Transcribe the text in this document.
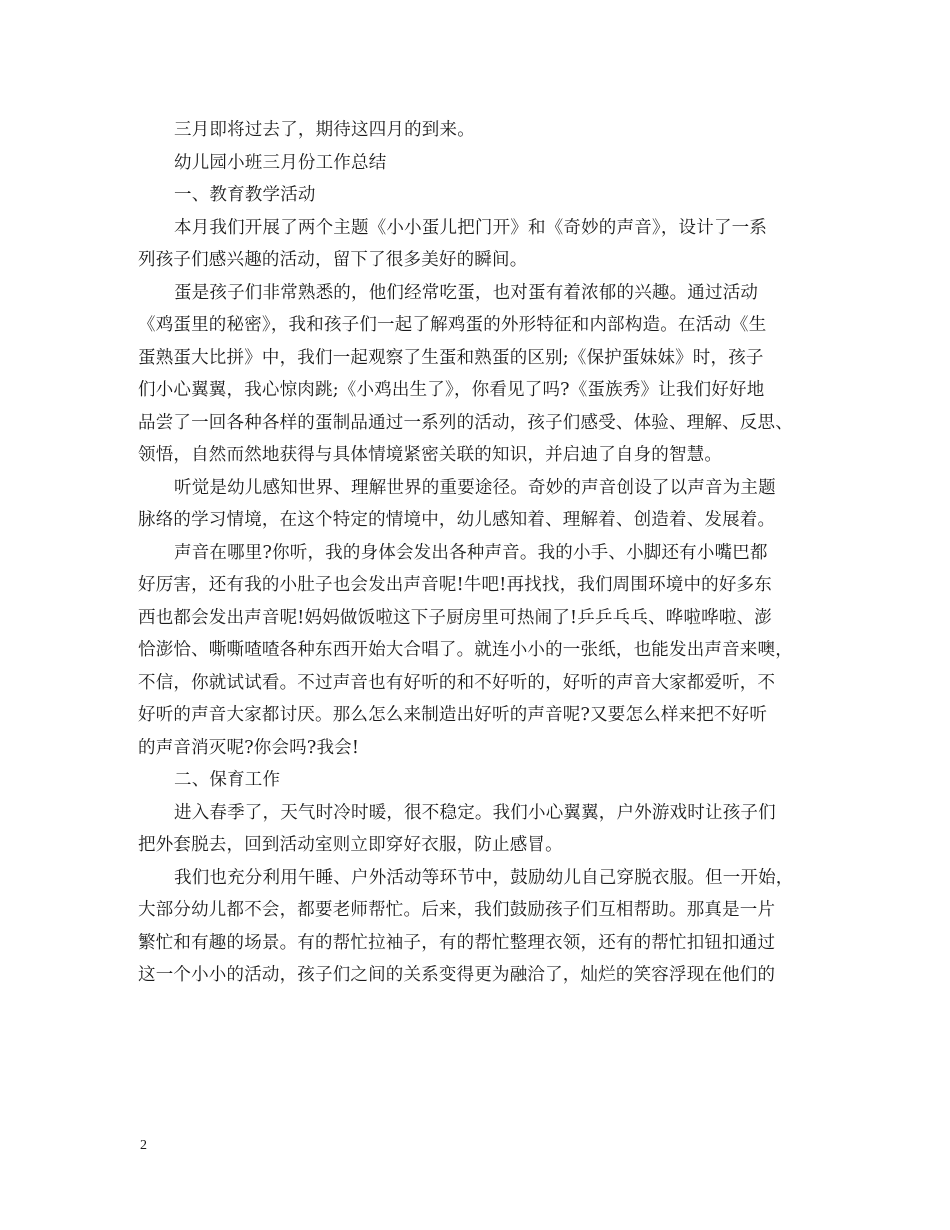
三月即将过去了，期待这四月的到来。
幼儿园小班三月份工作总结
一、教育教学活动
本月我们开展了两个主题《小小蛋儿把门开》和《奇妙的声音》，设计了一系
列孩子们感兴趣的活动，留下了很多美好的瞬间。
蛋是孩子们非常熟悉的，他们经常吃蛋，也对蛋有着浓郁的兴趣。通过活动
《鸡蛋里的秘密》，我和孩子们一起了解鸡蛋的外形特征和内部构造。在活动《生
蛋熟蛋大比拼》中，我们一起观察了生蛋和熟蛋的区别;《保护蛋妹妹》时，孩子
们小心翼翼，我心惊肉跳;《小鸡出生了》，你看见了吗?《蛋族秀》让我们好好地
品尝了一回各种各样的蛋制品通过一系列的活动，孩子们感受、体验、理解、反思、
领悟，自然而然地获得与具体情境紧密关联的知识，并启迪了自身的智慧。
听觉是幼儿感知世界、理解世界的重要途径。奇妙的声音创设了以声音为主题
脉络的学习情境，在这个特定的情境中，幼儿感知着、理解着、创造着、发展着。
声音在哪里?你听，我的身体会发出各种声音。我的小手、小脚还有小嘴巴都
好厉害，还有我的小肚子也会发出声音呢!牛吧!再找找，我们周围环境中的好多东
西也都会发出声音呢!妈妈做饭啦这下子厨房里可热闹了!乒乒乓乓、哗啦哗啦、澎
恰澎恰、嘶嘶喳喳各种东西开始大合唱了。就连小小的一张纸，也能发出声音来噢，
不信，你就试试看。不过声音也有好听的和不好听的，好听的声音大家都爱听，不
好听的声音大家都讨厌。那么怎么来制造出好听的声音呢?又要怎么样来把不好听
的声音消灭呢?你会吗?我会!
二、保育工作
进入春季了，天气时冷时暖，很不稳定。我们小心翼翼，户外游戏时让孩子们
把外套脱去，回到活动室则立即穿好衣服，防止感冒。
我们也充分利用午睡、户外活动等环节中，鼓励幼儿自己穿脱衣服。但一开始，
大部分幼儿都不会，都要老师帮忙。后来，我们鼓励孩子们互相帮助。那真是一片
繁忙和有趣的场景。有的帮忙拉袖子，有的帮忙整理衣领，还有的帮忙扣钮扣通过
这一个小小的活动，孩子们之间的关系变得更为融洽了，灿烂的笑容浮现在他们的
2
